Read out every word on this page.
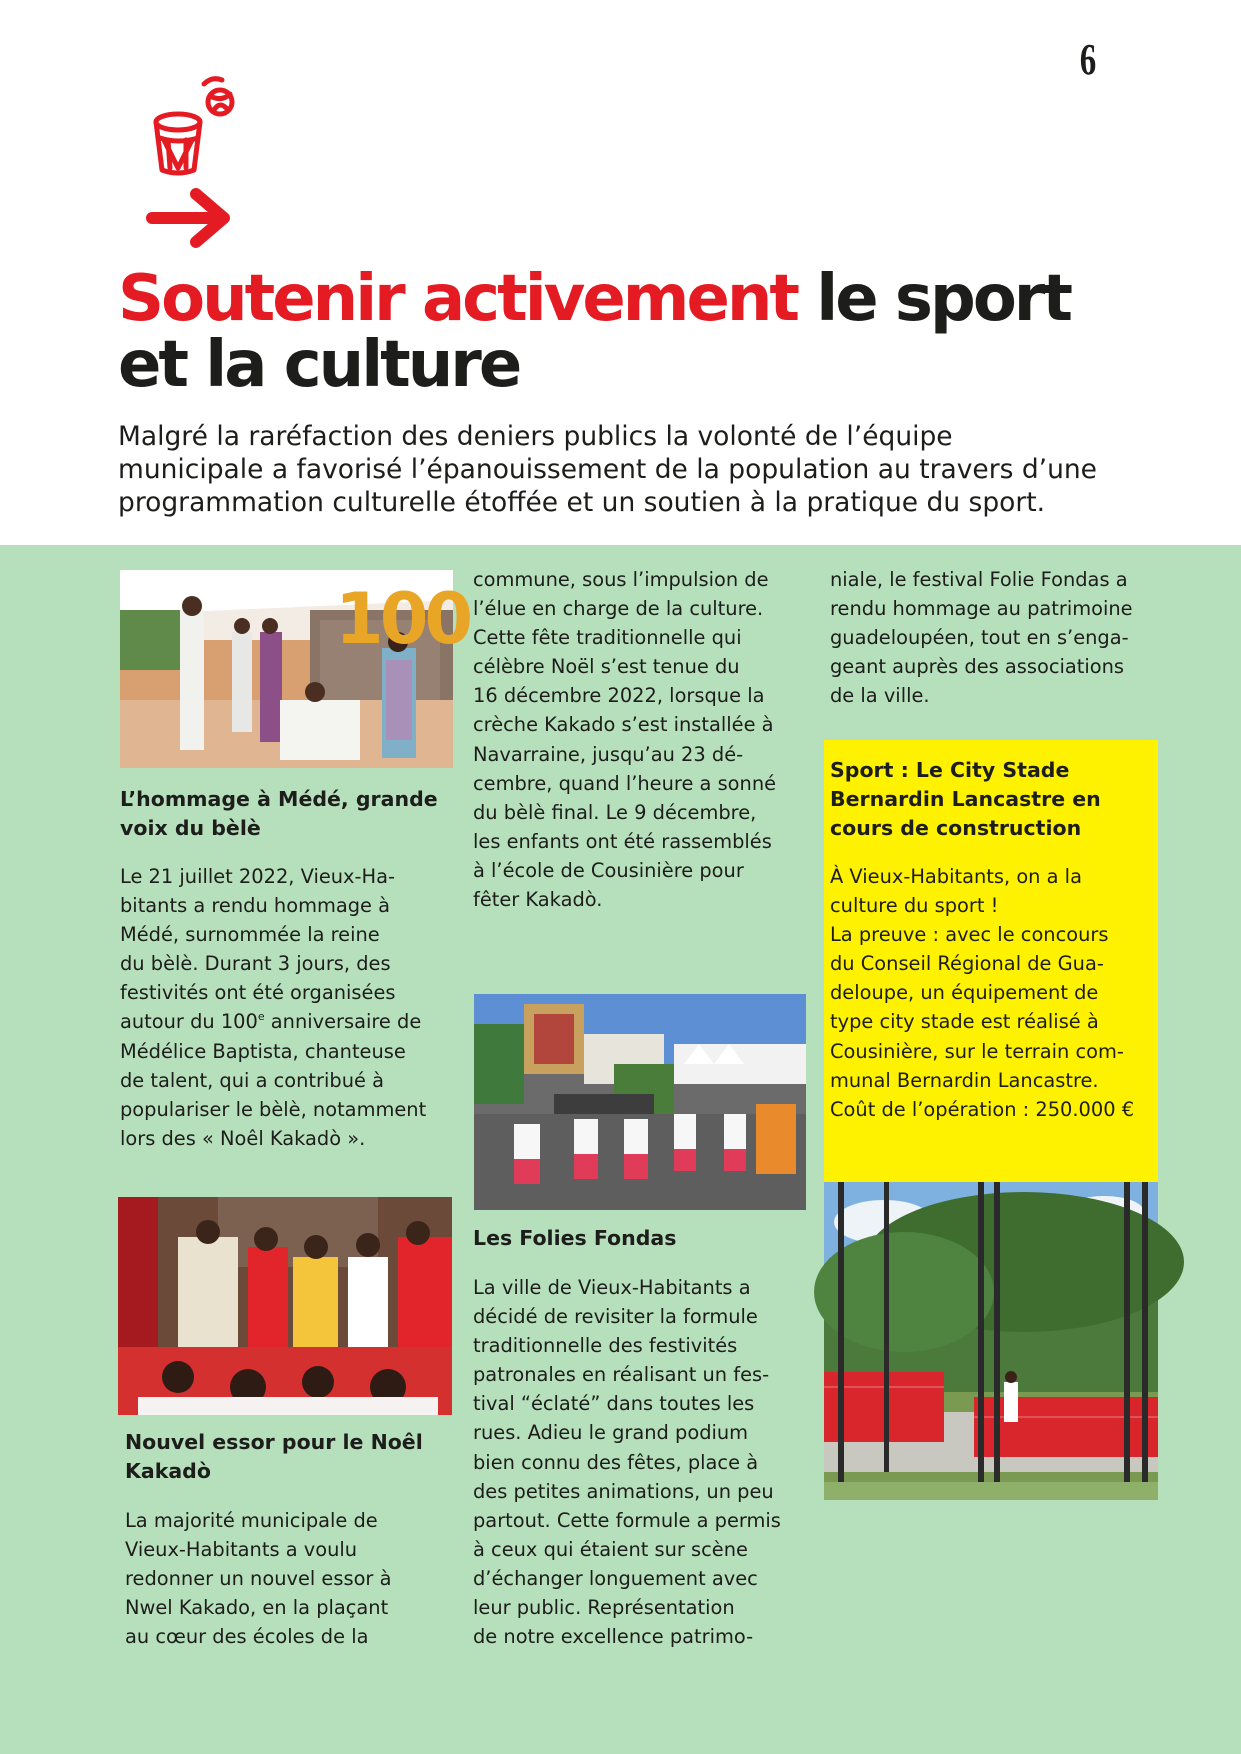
6
Soutenir activement le sport
et la culture

Malgré la raréfaction des deniers publics la volonté de l’équipe
municipale a favorisé l’épanouissement de la population au travers d’une
programmation culturelle étoffée et un soutien à la pratique du sport.

100
L’hommage à Médé, grande
voix du bèlè

Le 21 juillet 2022, Vieux-Ha-
bitants a rendu hommage à
Médé, surnommée la reine
du bèlè. Durant 3 jours, des
festivités ont été organisées
autour du 100e anniversaire de
Médélice Baptista, chanteuse
de talent, qui a contribué à
populariser le bèlè, notamment
lors des « Noêl Kakadò ».

Nouvel essor pour le Noêl
Kakadò

La majorité municipale de
Vieux-Habitants a voulu
redonner un nouvel essor à
Nwel Kakado, en la plaçant
au cœur des écoles de la

commune, sous l’impulsion de
l’élue en charge de la culture.
Cette fête traditionnelle qui
célèbre Noël s’est tenue du
16 décembre 2022, lorsque la
crèche Kakado s’est installée à
Navarraine, jusqu’au 23 dé-
cembre, quand l’heure a sonné
du bèlè final. Le 9 décembre,
les enfants ont été rassemblés
à l’école de Cousinière pour
fêter Kakadò.

Les Folies Fondas

La ville de Vieux-Habitants a
décidé de revisiter la formule
traditionnelle des festivités
patronales en réalisant un fes-
tival “éclaté” dans toutes les
rues. Adieu le grand podium
bien connu des fêtes, place à
des petites animations, un peu
partout. Cette formule a permis
à ceux qui étaient sur scène
d’échanger longuement avec
leur public. Représentation
de notre excellence patrimo-

niale, le festival Folie Fondas a
rendu hommage au patrimoine
guadeloupéen, tout en s’enga-
geant auprès des associations
de la ville.

Sport : Le City Stade
Bernardin Lancastre en
cours de construction

À Vieux-Habitants, on a la
culture du sport !
La preuve : avec le concours
du Conseil Régional de Gua-
deloupe, un équipement de
type city stade est réalisé à
Cousinière, sur le terrain com-
munal Bernardin Lancastre.
Coût de l’opération : 250.000 €
